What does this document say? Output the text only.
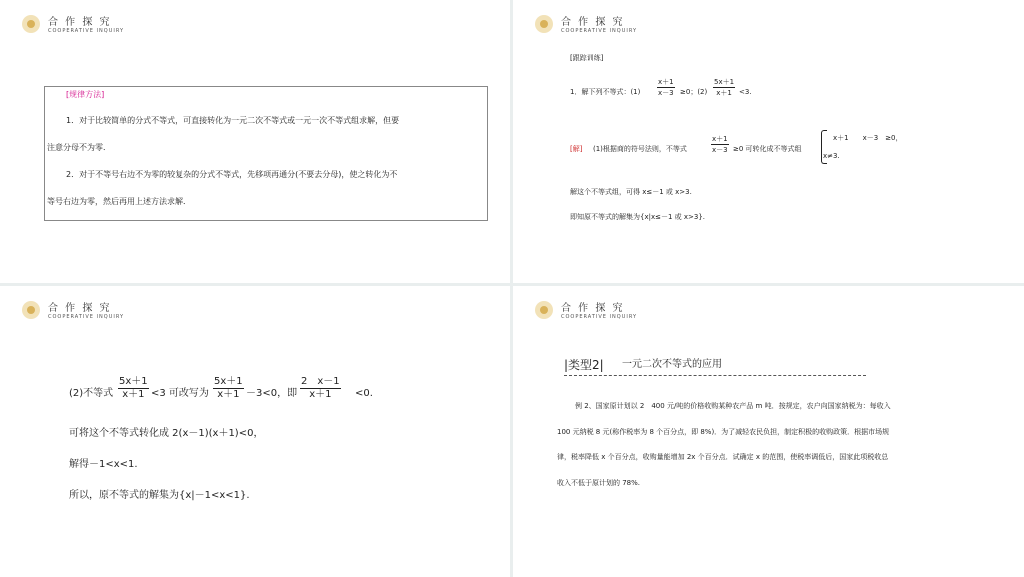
合 作 探 究
COOPERATIVE INQUIRY
[规律方法]
1．对于比较简单的分式不等式，可直接转化为一元二次不等式或一元一次不等式组求解，但要
注意分母不为零．
2．对于不等号右边不为零的较复杂的分式不等式，先移项再通分(不要去分母)，使之转化为不
等号右边为零，然后再用上述方法求解．
合 作 探 究
COOPERATIVE INQUIRY
[跟踪训练]
1．解下列不等式：$(1) \frac{x+1}{x-3} \ge 0$；$(2) \frac{5x+1}{x+1} <3$.
[解] (1)根据商的符号法则，不等式	$\frac{x+1}{x-3} \ge 0$ 可转化成不等式组
x＋1　　x－3　≥0，
x≠3.
解这个不等式组，可得 x≤－1 或 x>3.
即知原不等式的解集为{x|x≤－1 或 x>3}.
合 作 探 究
COOPERATIVE INQUIRY
(2)不等式 $\frac{5x+1}{x+1} <3$ 可改写为 $\frac{5x+1}{x+1} -3<0$，即 $\frac{2 x-1}{x+1} <0$.
可将这个不等式转化成 2(x－1)(x＋1)<0，
解得－1<x<1.
所以，原不等式的解集为{x|－1<x<1}.
合 作 探 究
COOPERATIVE INQUIRY
|类型2| 一元二次不等式的应用
例 2、国家原计划以 2　400 元/吨的价格收购某种农产品 m 吨．按规定，农户向国家纳税为：每收入
100 元纳税 8 元(称作税率为 8 个百分点，即 8%)．为了减轻农民负担，制定积极的收购政策．根据市场规
律，税率降低 x 个百分点，收购量能增加 2x 个百分点．试确定 x 的范围，使税率调低后，国家此项税收总
收入不低于原计划的 78%.
